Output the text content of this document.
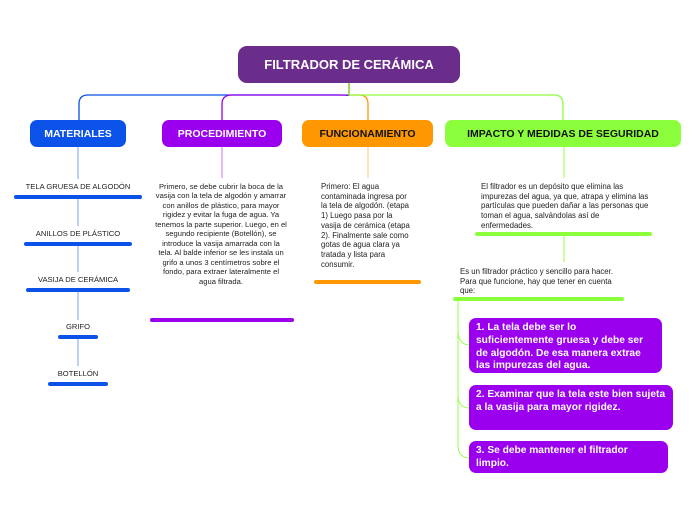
FILTRADOR DE CERÁMICA
MATERIALES	PROCEDIMIENTO	FUNCIONAMIENTO	IMPACTO Y MEDIDAS DE SEGURIDAD
TELA GRUESA DE ALGODÓN
ANILLOS DE PLÁSTICO
VASIJA DE CERÁMICA
GRIFO
BOTELLÓN
Primero, se debe cubrir la boca de la vasija con la tela de algodón y amarrar con anillos de plástico, para mayor rigidez y evitar la fuga de agua. Ya tenemos la parte superior. Luego, en el segundo recipiente (Botellón), se introduce la vasija amarrada con la tela. Al balde inferior se les instala un grifo a unos 3 centímetros sobre el fondo, para extraer lateralmente el agua filtrada.
Primero: El agua contaminada ingresa por la tela de algodón. (etapa 1) Luego pasa por la vasija de cerámica (etapa 2). Finalmente sale como gotas de agua clara ya tratada y lista para consumir.
El filtrador es un depósito que elimina las impurezas del agua, ya que, atrapa y elimina las partículas que pueden dañar a las personas que toman el agua, salvándolas así de enfermedades.
Es un filtrador práctico y sencillo para hacer. Para que funcione, hay que tener en cuenta que:
1. La tela debe ser lo suficientemente gruesa y debe ser de algodón. De esa manera extrae las impurezas del agua.
2. Examinar que la tela este bien sujeta a la vasija para mayor rigidez.
3. Se debe mantener el filtrador limpio.
